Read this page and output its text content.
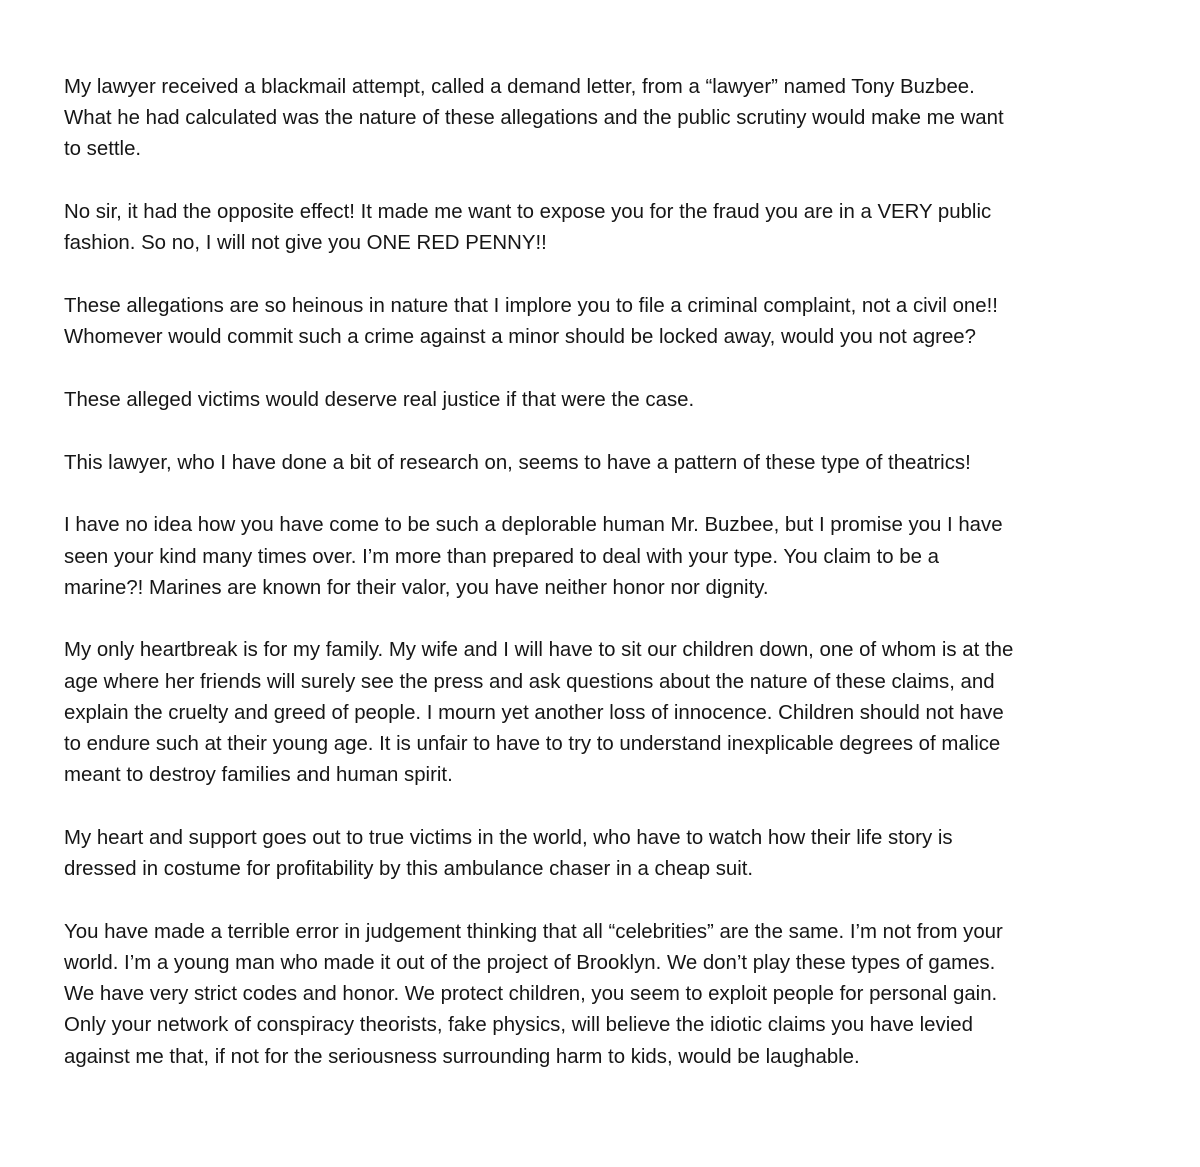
My lawyer received a blackmail attempt, called a demand letter, from a “lawyer” named Tony Buzbee.
What he had calculated was the nature of these allegations and the public scrutiny would make me want
to settle.

No sir, it had the opposite effect! It made me want to expose you for the fraud you are in a VERY public
fashion. So no, I will not give you ONE RED PENNY!!

These allegations are so heinous in nature that I implore you to file a criminal complaint, not a civil one!!
Whomever would commit such a crime against a minor should be locked away, would you not agree?

These alleged victims would deserve real justice if that were the case.

This lawyer, who I have done a bit of research on, seems to have a pattern of these type of theatrics!

I have no idea how you have come to be such a deplorable human Mr. Buzbee, but I promise you I have
seen your kind many times over. I’m more than prepared to deal with your type. You claim to be a
marine?! Marines are known for their valor, you have neither honor nor dignity.

My only heartbreak is for my family. My wife and I will have to sit our children down, one of whom is at the
age where her friends will surely see the press and ask questions about the nature of these claims, and
explain the cruelty and greed of people. I mourn yet another loss of innocence. Children should not have
to endure such at their young age. It is unfair to have to try to understand inexplicable degrees of malice
meant to destroy families and human spirit.

My heart and support goes out to true victims in the world, who have to watch how their life story is
dressed in costume for profitability by this ambulance chaser in a cheap suit.

You have made a terrible error in judgement thinking that all “celebrities” are the same. I’m not from your
world. I’m a young man who made it out of the project of Brooklyn. We don’t play these types of games.
We have very strict codes and honor. We protect children, you seem to exploit people for personal gain.
Only your network of conspiracy theorists, fake physics, will believe the idiotic claims you have levied
against me that, if not for the seriousness surrounding harm to kids, would be laughable.
